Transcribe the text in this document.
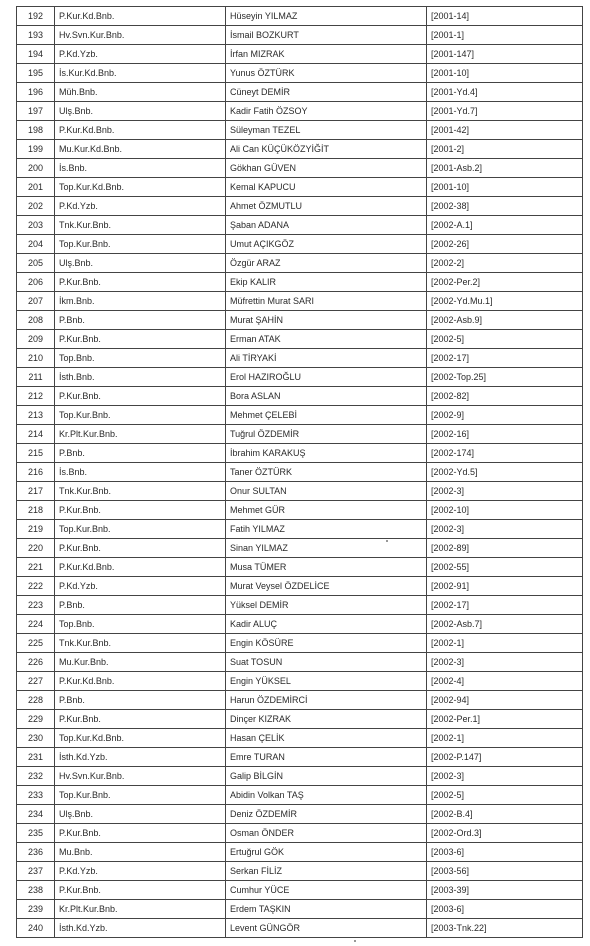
192	P.Kur.Kd.Bnb.	Hüseyin YILMAZ	[2001-14]
193	Hv.Svn.Kur.Bnb.	İsmail BOZKURT	[2001-1]
194	P.Kd.Yzb.	İrfan MIZRAK	[2001-147]
195	İs.Kur.Kd.Bnb.	Yunus ÖZTÜRK	[2001-10]
196	Müh.Bnb.	Cüneyt DEMİR	[2001-Yd.4]
197	Ulş.Bnb.	Kadir Fatih ÖZSOY	[2001-Yd.7]
198	P.Kur.Kd.Bnb.	Süleyman TEZEL	[2001-42]
199	Mu.Kur.Kd.Bnb.	Ali Can KÜÇÜKÖZYİĞİT	[2001-2]
200	İs.Bnb.	Gökhan GÜVEN	[2001-Asb.2]
201	Top.Kur.Kd.Bnb.	Kemal KAPUCU	[2001-10]
202	P.Kd.Yzb.	Ahmet ÖZMUTLU	[2002-38]
203	Tnk.Kur.Bnb.	Şaban ADANA	[2002-A.1]
204	Top.Kur.Bnb.	Umut AÇIKGÖZ	[2002-26]
205	Ulş.Bnb.	Özgür ARAZ	[2002-2]
206	P.Kur.Bnb.	Ekip KALIR	[2002-Per.2]
207	İkm.Bnb.	Müfrettin Murat SARI	[2002-Yd.Mu.1]
208	P.Bnb.	Murat ŞAHİN	[2002-Asb.9]
209	P.Kur.Bnb.	Erman ATAK	[2002-5]
210	Top.Bnb.	Ali TİRYAKİ	[2002-17]
211	İsth.Bnb.	Erol HAZIROĞLU	[2002-Top.25]
212	P.Kur.Bnb.	Bora ASLAN	[2002-82]
213	Top.Kur.Bnb.	Mehmet ÇELEBİ	[2002-9]
214	Kr.Plt.Kur.Bnb.	Tuğrul ÖZDEMİR	[2002-16]
215	P.Bnb.	İbrahim KARAKUŞ	[2002-174]
216	İs.Bnb.	Taner ÖZTÜRK	[2002-Yd.5]
217	Tnk.Kur.Bnb.	Onur SULTAN	[2002-3]
218	P.Kur.Bnb.	Mehmet GÜR	[2002-10]
219	Top.Kur.Bnb.	Fatih YILMAZ	[2002-3]
220	P.Kur.Bnb.	Sinan YILMAZ	[2002-89]
221	P.Kur.Kd.Bnb.	Musa TÜMER	[2002-55]
222	P.Kd.Yzb.	Murat Veysel ÖZDELİCE	[2002-91]
223	P.Bnb.	Yüksel DEMİR	[2002-17]
224	Top.Bnb.	Kadir ALUÇ	[2002-Asb.7]
225	Tnk.Kur.Bnb.	Engin KÖSÜRE	[2002-1]
226	Mu.Kur.Bnb.	Suat TOSUN	[2002-3]
227	P.Kur.Kd.Bnb.	Engin YÜKSEL	[2002-4]
228	P.Bnb.	Harun ÖZDEMİRCİ	[2002-94]
229	P.Kur.Bnb.	Dinçer KIZRAK	[2002-Per.1]
230	Top.Kur.Kd.Bnb.	Hasan ÇELİK	[2002-1]
231	İsth.Kd.Yzb.	Emre TURAN	[2002-P.147]
232	Hv.Svn.Kur.Bnb.	Galip BİLGİN	[2002-3]
233	Top.Kur.Bnb.	Abidin Volkan TAŞ	[2002-5]
234	Ulş.Bnb.	Deniz ÖZDEMİR	[2002-B.4]
235	P.Kur.Bnb.	Osman ÖNDER	[2002-Ord.3]
236	Mu.Bnb.	Ertuğrul GÖK	[2003-6]
237	P.Kd.Yzb.	Serkan FİLİZ	[2003-56]
238	P.Kur.Bnb.	Cumhur YÜCE	[2003-39]
239	Kr.Plt.Kur.Bnb.	Erdem TAŞKIN	[2003-6]
240	İsth.Kd.Yzb.	Levent GÜNGÖR	[2003-Tnk.22]
